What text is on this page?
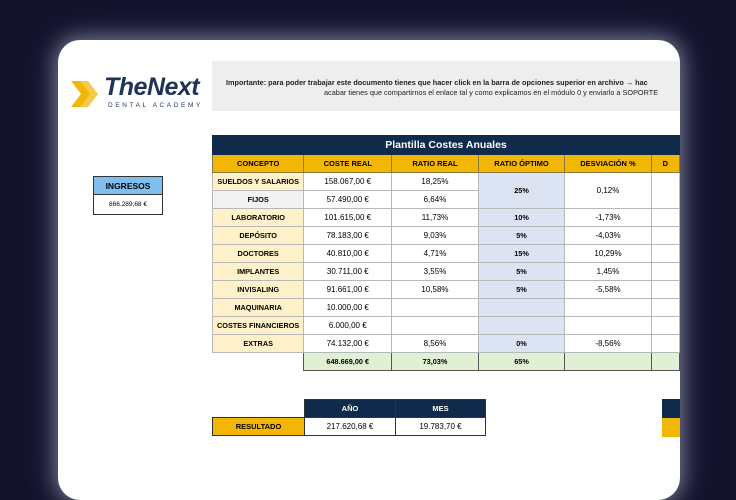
TheNext
DENTAL ACADEMY
Importante: para poder trabajar este documento tienes que hacer click en la barra de opciones superior en archivo → hac
acabar tienes que compartirnos el enlace tal y como explicamos en el módulo 0 y enviarlo a SOPORTE
INGRESOS
866.289,68 €
Plantilla Costes Anuales					
CONCEPTO	COSTE REAL	RATIO REAL	RATIO ÓPTIMO	DESVIACIÓN %	D
SUELDOS Y SALARIOS	158.067,00 €	18,25%	25%	0,12%	
FIJOS	57.490,00 €	6,64%			
LABORATORIO	101.615,00 €	11,73%	10%	-1,73%	
DEPÓSITO	78.183,00 €	9,03%	5%	-4,03%	
DOCTORES	40.810,00 €	4,71%	15%	10,29%	
IMPLANTES	30.711,00 €	3,55%	5%	1,45%	
INVISALING	91.661,00 €	10,58%	5%	-5,58%	
MAQUINARIA	10.000,00 €				
COSTES FINANCIEROS	6.000,00 €				
EXTRAS	74.132,00 €	8,56%	0%	-8,56%	
	648.669,00 €	73,03%	65%		
	AÑO	MES
RESULTADO	217.620,68 €	19.783,70 €
